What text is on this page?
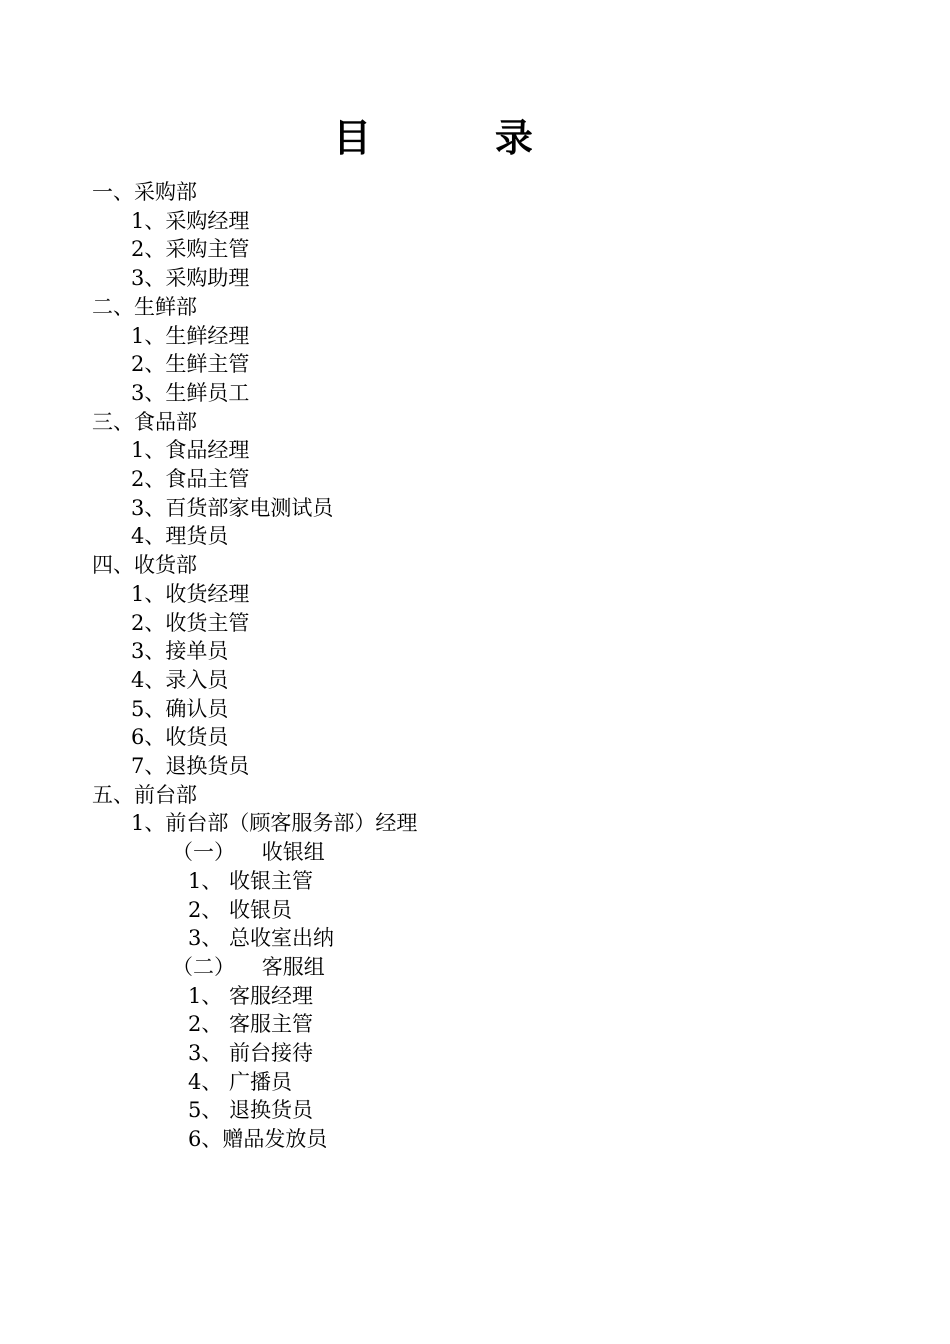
目        录
一、采购部
1、采购经理
2、采购主管
3、采购助理
二、生鲜部
1、生鲜经理
2、生鲜主管
3、生鲜员工
三、食品部
1、食品经理
2、食品主管
3、百货部家电测试员
4、理货员
四、收货部
1、收货经理
2、收货主管
3、接单员
4、录入员
5、确认员
6、收货员
7、退换货员
五、前台部
1、前台部（顾客服务部）经理
（一）    收银组
1、 收银主管
2、 收银员
3、 总收室出纳
（二）    客服组
1、 客服经理
2、 客服主管
3、 前台接待
4、 广播员
5、 退换货员
6、赠品发放员
